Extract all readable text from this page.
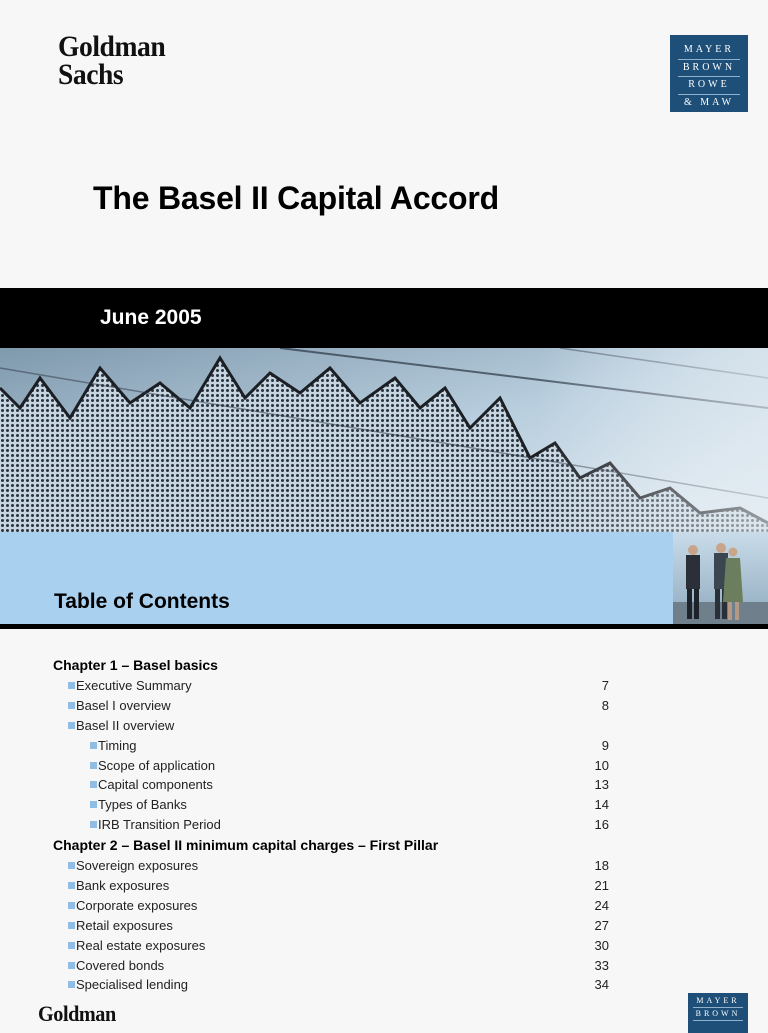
Goldman
Sachs
MAYER
BROWN
ROWE
& MAW
The Basel II Capital Accord
June 2005
Table of Contents
Chapter 1 – Basel basics
Executive Summary	7
Basel I overview	8
Basel II overview
Timing	9
Scope of application	10
Capital components	13
Types of Banks	14
IRB Transition Period	16
Chapter 2 – Basel II minimum capital charges – First Pillar
Sovereign exposures	18
Bank exposures	21
Corporate exposures	24
Retail exposures	27
Real estate exposures	30
Covered bonds	33
Specialised lending	34
Goldman
MAYER
BROWN
